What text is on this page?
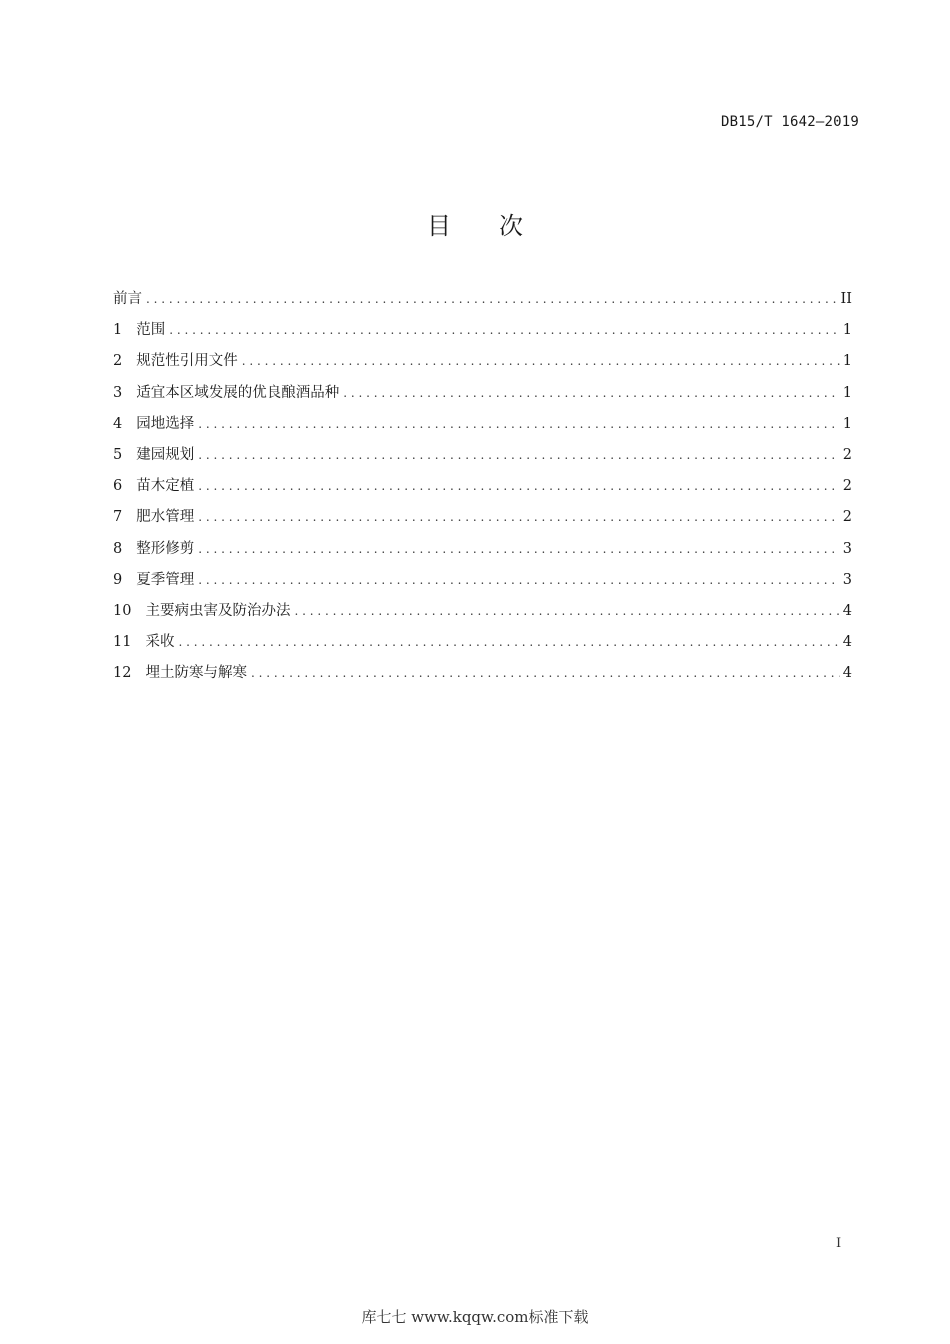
DB15/T 1642—2019
目次
前言 . . .	II
1 范围 . . .	1
2 规范性引用文件 . . .	1
3 适宜本区域发展的优良酿酒品种 . . .	1
4 园地选择 . . .	1
5 建园规划 . . .	2
6 苗木定植 . . .	2
7 肥水管理 . . .	2
8 整形修剪 . . .	3
9 夏季管理 . . .	3
10 主要病虫害及防治办法 . . .	4
11 采收 . . .	4
12 埋土防寒与解寒 . . .	4
I
库七七 www.kqqw.com标准下载
